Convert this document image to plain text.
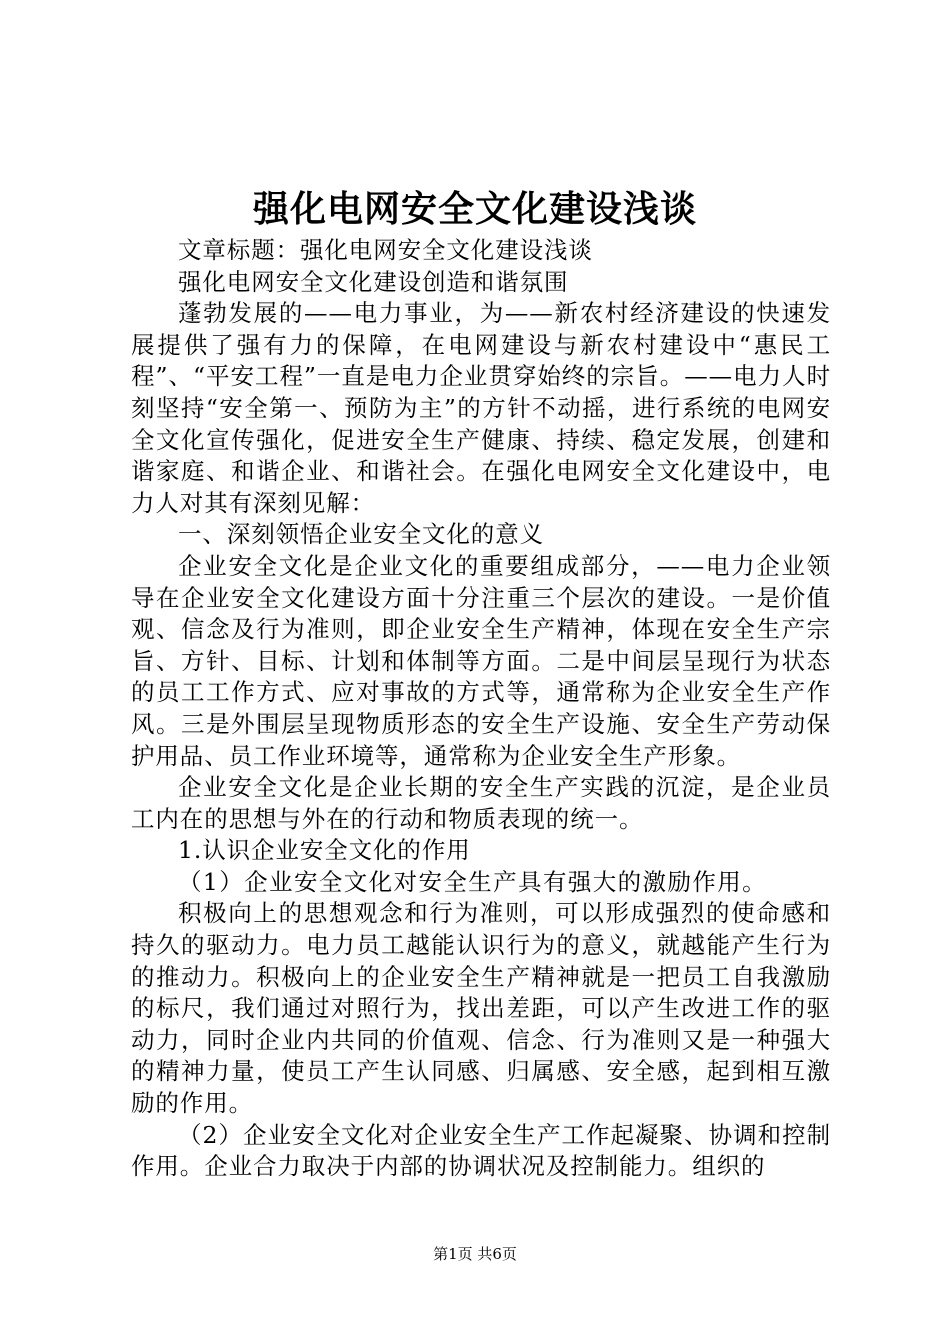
强化电网安全文化建设浅谈

文章标题：强化电网安全文化建设浅谈

强化电网安全文化建设创造和谐氛围

蓬勃发展的——电力事业，为——新农村经济建设的快速发展提供了强有力的保障，在电网建设与新农村建设中“惠民工程”、“平安工程”一直是电力企业贯穿始终的宗旨。——电力人时刻坚持“安全第一、预防为主”的方针不动摇，进行系统的电网安全文化宣传强化，促进安全生产健康、持续、稳定发展，创建和谐家庭、和谐企业、和谐社会。在强化电网安全文化建设中，电力人对其有深刻见解：

一、深刻领悟企业安全文化的意义

企业安全文化是企业文化的重要组成部分，——电力企业领导在企业安全文化建设方面十分注重三个层次的建设。一是价值观、信念及行为准则，即企业安全生产精神，体现在安全生产宗旨、方针、目标、计划和体制等方面。二是中间层呈现行为状态的员工工作方式、应对事故的方式等，通常称为企业安全生产作风。三是外围层呈现物质形态的安全生产设施、安全生产劳动保护用品、员工作业环境等，通常称为企业安全生产形象。

企业安全文化是企业长期的安全生产实践的沉淀，是企业员工内在的思想与外在的行动和物质表现的统一。

1.认识企业安全文化的作用

（1）企业安全文化对安全生产具有强大的激励作用。

积极向上的思想观念和行为准则，可以形成强烈的使命感和持久的驱动力。电力员工越能认识行为的意义，就越能产生行为的推动力。积极向上的企业安全生产精神就是一把员工自我激励的标尺，我们通过对照行为，找出差距，可以产生改进工作的驱动力，同时企业内共同的价值观、信念、行为准则又是一种强大的精神力量，使员工产生认同感、归属感、安全感，起到相互激励的作用。

（2）企业安全文化对企业安全生产工作起凝聚、协调和控制作用。企业合力取决于内部的协调状况及控制能力。组织的

第1页 共6页
